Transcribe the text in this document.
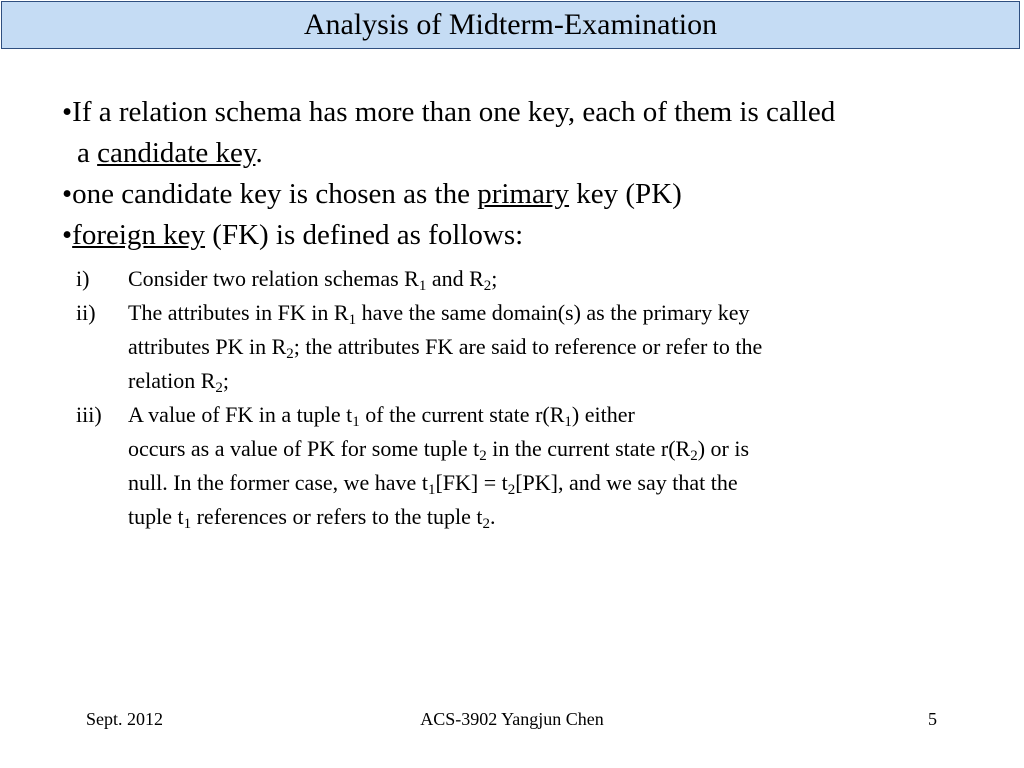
Analysis of Midterm-Examination
•If a relation schema has more than one key, each of them is called
a candidate key.
•one candidate key is chosen as the primary key (PK)
•foreign key (FK) is defined as follows:
i)	Consider two relation schemas $R_1$ and $R_2$;
ii)	The attributes in FK in $R_1$ have the same domain(s) as the primary key
attributes PK in $R_2$; the attributes FK are said to reference or refer to the
relation $R_2$;
iii)	A value of FK in a tuple $t_1$ of the current state $r(R_1)$ either
occurs as a value of PK for some tuple $t_2$ in the current state $r(R_2)$ or is
null. In the former case, we have $t_1[FK] = t_2[PK]$, and we say that the
tuple $t_1$ references or refers to the tuple $t_2$.
Sept. 2012	ACS-3902 Yangjun Chen	5
